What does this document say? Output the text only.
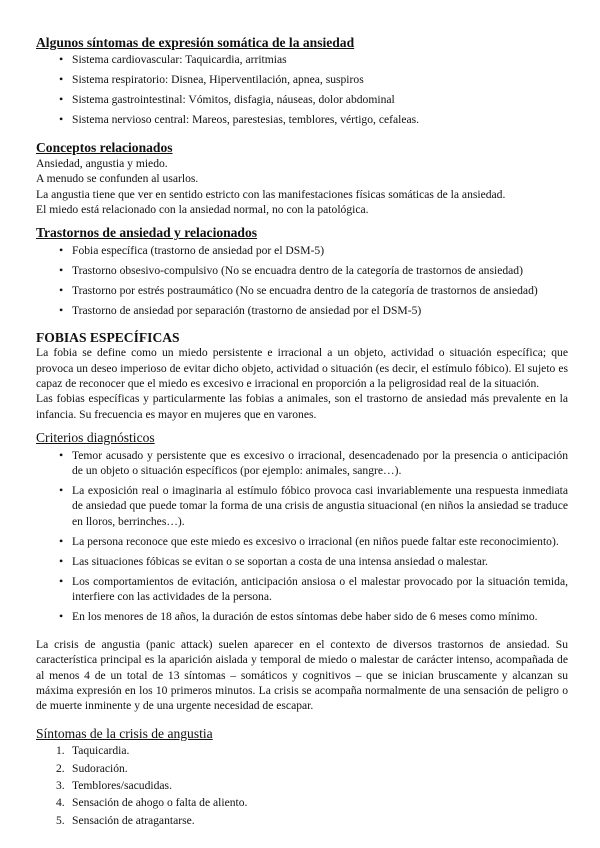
Algunos síntomas de expresión somática de la ansiedad
• Sistema cardiovascular: Taquicardia, arritmias
• Sistema respiratorio: Disnea, Hiperventilación, apnea, suspiros
• Sistema gastrointestinal: Vómitos, disfagia, náuseas, dolor abdominal
• Sistema nervioso central: Mareos, parestesias, temblores, vértigo, cefaleas.
Conceptos relacionados

Ansiedad, angustia y miedo.

A menudo se confunden al usarlos.

La angustia tiene que ver en sentido estricto con las manifestaciones físicas somáticas de la ansiedad.

El miedo está relacionado con la ansiedad normal, no con la patológica.

Trastornos de ansiedad y relacionados
• Fobia específica (trastorno de ansiedad por el DSM-5)
• Trastorno obsesivo-compulsivo (No se encuadra dentro de la categoría de trastornos de ansiedad)
• Trastorno por estrés postraumático (No se encuadra dentro de la categoría de trastornos de ansiedad)
• Trastorno de ansiedad por separación (trastorno de ansiedad por el DSM-5)
FOBIAS ESPECÍFICAS

La fobia se define como un miedo persistente e irracional a un objeto, actividad o situación específica; que provoca un deseo imperioso de evitar dicho objeto, actividad o situación (es decir, el estímulo fóbico). El sujeto es capaz de reconocer que el miedo es excesivo e irracional en proporción a la peligrosidad real de la situación.

Las fobias específicas y particularmente las fobias a animales, son el trastorno de ansiedad más prevalente en la infancia. Su frecuencia es mayor en mujeres que en varones.

Criterios diagnósticos
• Temor acusado y persistente que es excesivo o irracional, desencadenado por la presencia o anticipación de un objeto o situación específicos (por ejemplo: animales, sangre…).
• La exposición real o imaginaria al estímulo fóbico provoca casi invariablemente una respuesta inmediata de ansiedad que puede tomar la forma de una crisis de angustia situacional (en niños la ansiedad se traduce en lloros, berrinches…).
• La persona reconoce que este miedo es excesivo o irracional (en niños puede faltar este reconocimiento).
• Las situaciones fóbicas se evitan o se soportan a costa de una intensa ansiedad o malestar.
• Los comportamientos de evitación, anticipación ansiosa o el malestar provocado por la situación temida, interfiere con las actividades de la persona.
• En los menores de 18 años, la duración de estos síntomas debe haber sido de 6 meses como mínimo.

La crisis de angustia (panic attack) suelen aparecer en el contexto de diversos trastornos de ansiedad. Su característica principal es la aparición aislada y temporal de miedo o malestar de carácter intenso, acompañada de al menos 4 de un total de 13 síntomas – somáticos y cognitivos – que se inician bruscamente y alcanzan su máxima expresión en los 10 primeros minutos. La crisis se acompaña normalmente de una sensación de peligro o de muerte inminente y de una urgente necesidad de escapar.

Síntomas de la crisis de angustia
1. Taquicardia.
2. Sudoración.
3. Temblores/sacudidas.
4. Sensación de ahogo o falta de aliento.
5. Sensación de atragantarse.
